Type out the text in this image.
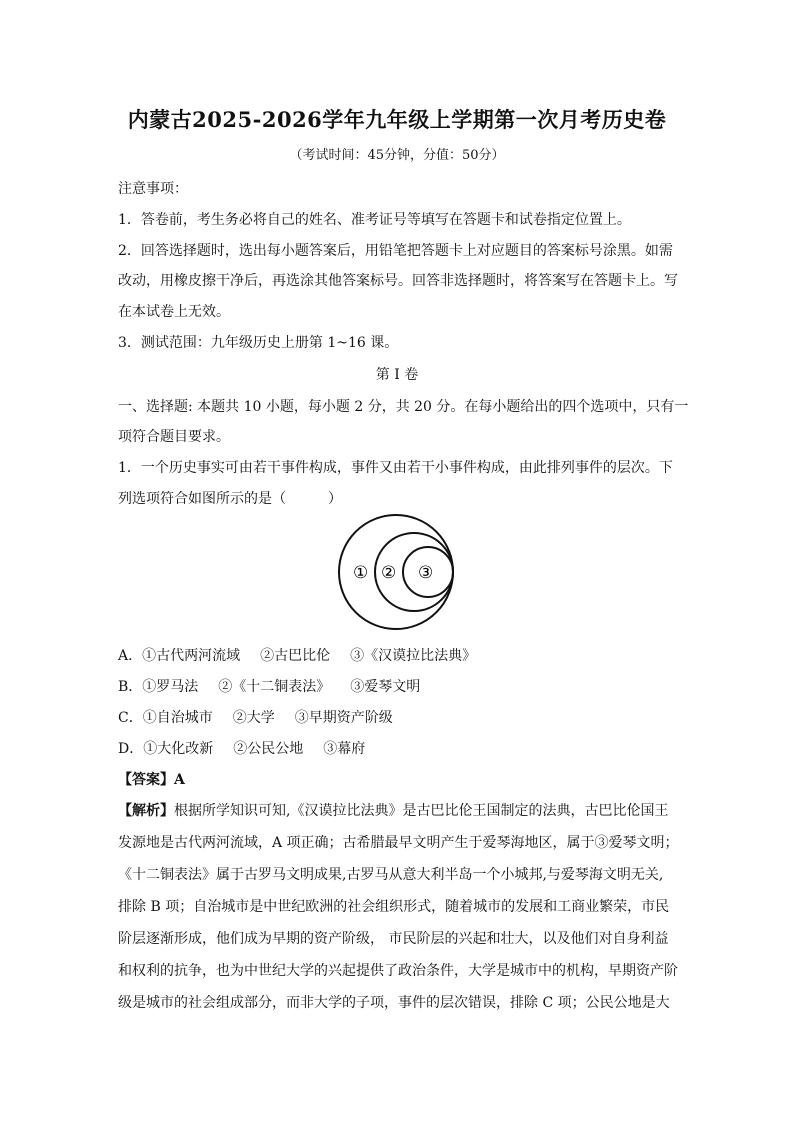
内蒙古2025-2026学年九年级上学期第一次月考历史卷
（考试时间：45分钟，分值：50分）
注意事项：
1．答卷前，考生务必将自己的姓名、准考证号等填写在答题卡和试卷指定位置上。
2．回答选择题时，选出每小题答案后，用铅笔把答题卡上对应题目的答案标号涂黑。如需
改动，用橡皮擦干净后，再选涂其他答案标号。回答非选择题时，将答案写在答题卡上。写
在本试卷上无效。
3．测试范围：九年级历史上册第 1~16 课。
第 I 卷
一、选择题: 本题共 10 小题，每小题 2 分，共 20 分。在每小题给出的四个选项中，只有一
项符合题目要求。
1．一个历史事实可由若干事件构成，事件又由若干小事件构成，由此排列事件的层次。下
列选项符合如图所示的是（　　　）
① ② ③
A．①古代两河流域 ②古巴比伦 ③《汉谟拉比法典》
B．①罗马法 ②《十二铜表法》 ③爱琴文明
C．①自治城市 ②大学 ③早期资产阶级
D．①大化改新 ②公民公地 ③幕府
【答案】A
【解析】根据所学知识可知,《汉谟拉比法典》是古巴比伦王国制定的法典，古巴比伦国王
发源地是古代两河流域，A 项正确；古希腊最早文明产生于爱琴海地区，属于③爱琴文明；
《十二铜表法》属于古罗马文明成果,古罗马从意大利半岛一个小城邦,与爱琴海文明无关,
排除 B 项；自治城市是中世纪欧洲的社会组织形式，随着城市的发展和工商业繁荣，市民
阶层逐渐形成，他们成为早期的资产阶级， 市民阶层的兴起和壮大，以及他们对自身利益
和权利的抗争，也为中世纪大学的兴起提供了政治条件，大学是城市中的机构，早期资产阶
级是城市的社会组成部分，而非大学的子项，事件的层次错误，排除 C 项；公民公地是大
